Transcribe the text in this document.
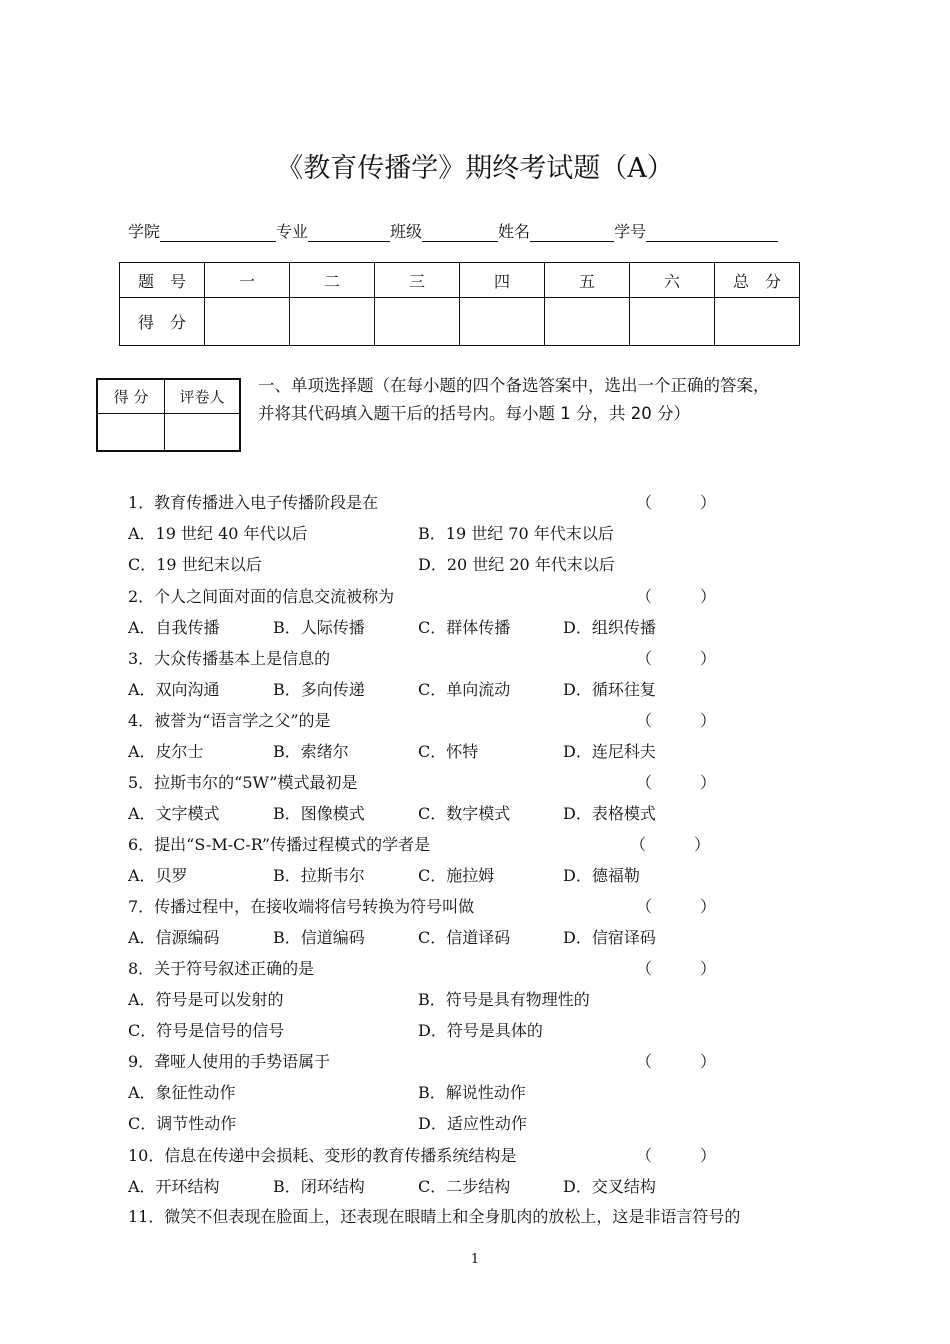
《教育传播学》期终考试题（A）
学院	专业	班级	姓名	学号
题　号	一	二	三	四	五	六	总　分
得　分							
得 分	评卷人

一、单项选择题（在每小题的四个备选答案中，选出一个正确的答案，
并将其代码填入题干后的括号内。每小题 1 分，共 20 分）
1．教育传播进入电子传播阶段是在	（　　　）
A．19 世纪 40 年代以后	B．19 世纪 70 年代末以后
C．19 世纪末以后	D．20 世纪 20 年代末以后
2．个人之间面对面的信息交流被称为	（　　　）
A．自我传播	B．人际传播	C．群体传播	D．组织传播
3．大众传播基本上是信息的	（　　　）
A．双向沟通	B．多向传递	C．单向流动	D．循环往复
4．被誉为“语言学之父”的是	（　　　）
A．皮尔士	B．索绪尔	C．怀特	D．连尼科夫
5．拉斯韦尔的“5W”模式最初是	（　　　）
A．文字模式	B．图像模式	C．数字模式	D．表格模式
6．提出“S-M-C-R”传播过程模式的学者是	（　　　）
A．贝罗	B．拉斯韦尔	C．施拉姆	D．德福勒
7．传播过程中，在接收端将信号转换为符号叫做	（　　　）
A．信源编码	B．信道编码	C．信道译码	D．信宿译码
8．关于符号叙述正确的是	（　　　）
A．符号是可以发射的	B．符号是具有物理性的
C．符号是信号的信号	D．符号是具体的
9．聋哑人使用的手势语属于	（　　　）
A．象征性动作	B．解说性动作
C．调节性动作	D．适应性动作
10．信息在传递中会损耗、变形的教育传播系统结构是	（　　　）
A．开环结构	B．闭环结构	C．二步结构	D．交叉结构
11．微笑不但表现在脸面上，还表现在眼睛上和全身肌肉的放松上，这是非语言符号的
1
